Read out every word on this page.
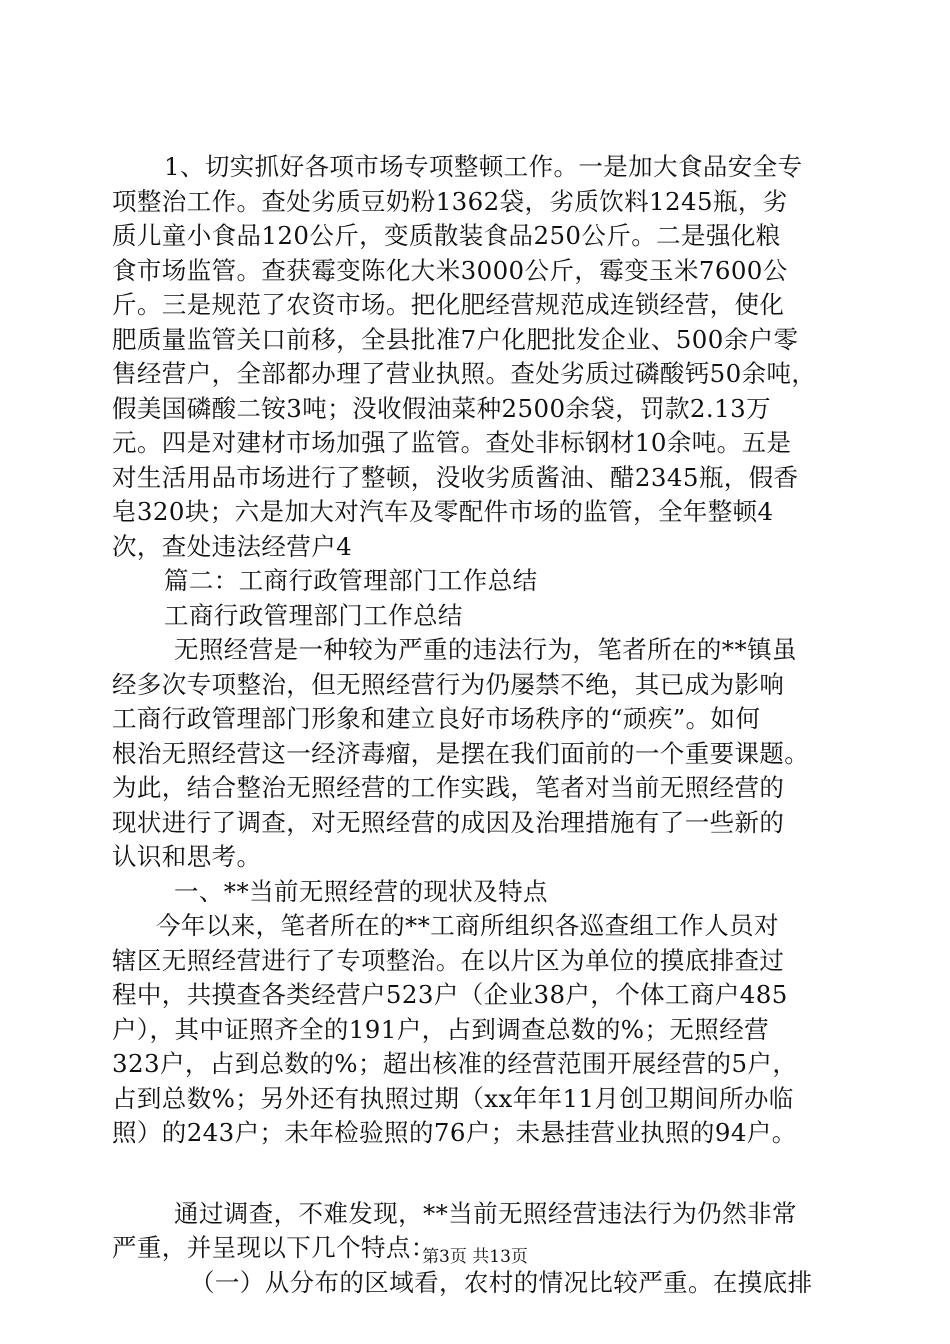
1、切实抓好各项市场专项整顿工作。一是加大食品安全专
项整治工作。查处劣质豆奶粉1362袋，劣质饮料1245瓶，劣
质儿童小食品120公斤，变质散装食品250公斤。二是强化粮
食市场监管。查获霉变陈化大米3000公斤，霉变玉米7600公
斤。三是规范了农资市场。把化肥经营规范成连锁经营，使化
肥质量监管关口前移，全县批准7户化肥批发企业、500余户零
售经营户，全部都办理了营业执照。查处劣质过磷酸钙50余吨，
假美国磷酸二铵3吨；没收假油菜种2500余袋，罚款2.13万
元。四是对建材市场加强了监管。查处非标钢材10余吨。五是
对生活用品市场进行了整顿，没收劣质酱油、醋2345瓶，假香
皂320块；六是加大对汽车及零配件市场的监管，全年整顿4
次，查处违法经营户4
篇二：工商行政管理部门工作总结
工商行政管理部门工作总结
无照经营是一种较为严重的违法行为，笔者所在的**镇虽
经多次专项整治，但无照经营行为仍屡禁不绝，其已成为影响
工商行政管理部门形象和建立良好市场秩序的“顽疾”。如何
根治无照经营这一经济毒瘤，是摆在我们面前的一个重要课题。
为此，结合整治无照经营的工作实践，笔者对当前无照经营的
现状进行了调查，对无照经营的成因及治理措施有了一些新的
认识和思考。
一、**当前无照经营的现状及特点
今年以来，笔者所在的**工商所组织各巡查组工作人员对
辖区无照经营进行了专项整治。在以片区为单位的摸底排查过
程中，共摸查各类经营户523户（企业38户，个体工商户485
户），其中证照齐全的191户，占到调查总数的%；无照经营
323户，占到总数的%；超出核准的经营范围开展经营的5户，
占到总数%；另外还有执照过期（xx年年11月创卫期间所办临
照）的243户；未年检验照的76户；未悬挂营业执照的94户。
通过调查，不难发现，**当前无照经营违法行为仍然非常
严重，并呈现以下几个特点：
（一）从分布的区域看，农村的情况比较严重。在摸底排
第3页 共13页
